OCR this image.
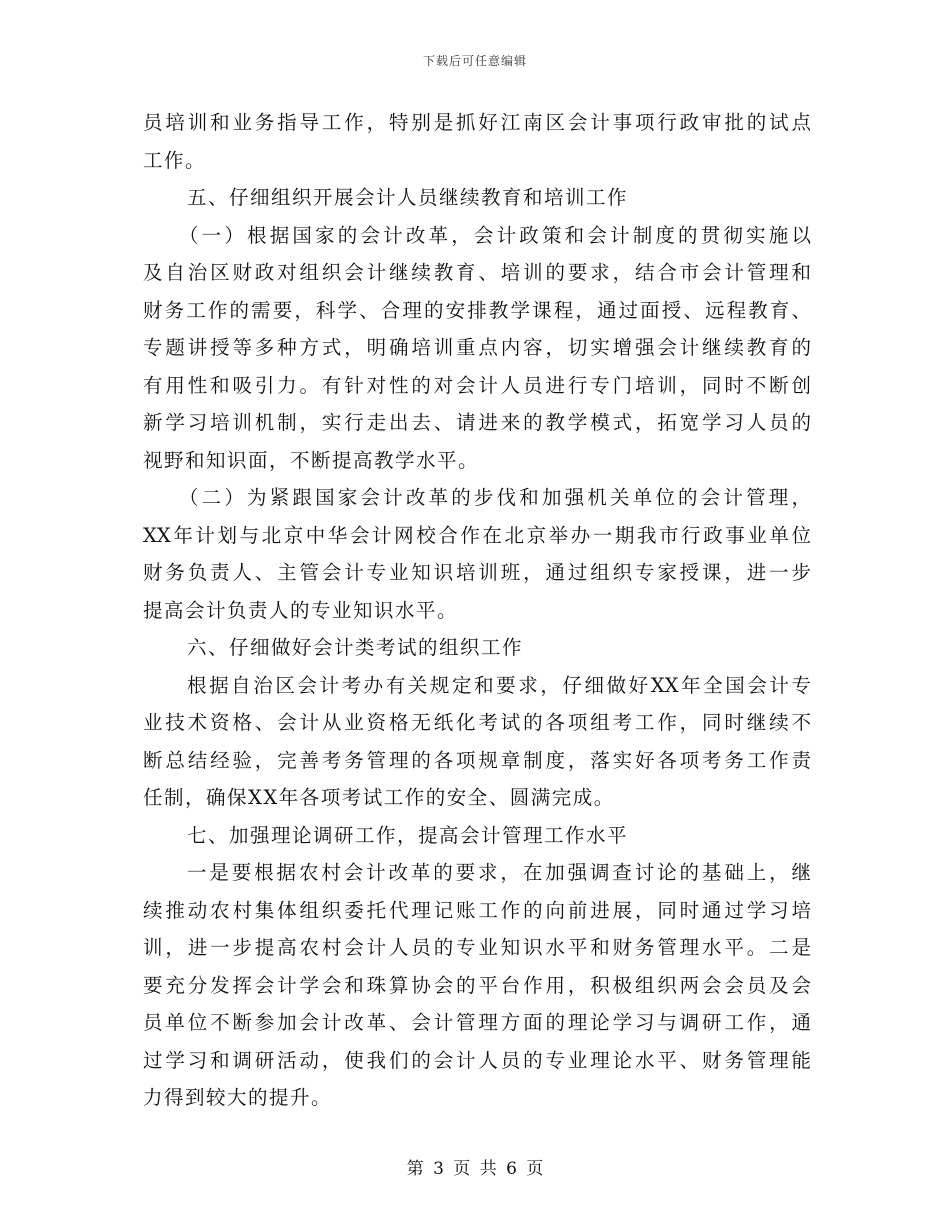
下载后可任意编辑
员培训和业务指导工作，特别是抓好江南区会计事项行政审批的试点
工作。
五、仔细组织开展会计人员继续教育和培训工作
（一）根据国家的会计改革，会计政策和会计制度的贯彻实施以
及自治区财政对组织会计继续教育、培训的要求，结合市会计管理和
财务工作的需要，科学、合理的安排教学课程，通过面授、远程教育、
专题讲授等多种方式，明确培训重点内容，切实增强会计继续教育的
有用性和吸引力。有针对性的对会计人员进行专门培训，同时不断创
新学习培训机制，实行走出去、请进来的教学模式，拓宽学习人员的
视野和知识面，不断提高教学水平。
（二）为紧跟国家会计改革的步伐和加强机关单位的会计管理，
XX年计划与北京中华会计网校合作在北京举办一期我市行政事业单位
财务负责人、主管会计专业知识培训班，通过组织专家授课，进一步
提高会计负责人的专业知识水平。
六、仔细做好会计类考试的组织工作
根据自治区会计考办有关规定和要求，仔细做好XX年全国会计专
业技术资格、会计从业资格无纸化考试的各项组考工作，同时继续不
断总结经验，完善考务管理的各项规章制度，落实好各项考务工作责
任制，确保XX年各项考试工作的安全、圆满完成。
七、加强理论调研工作，提高会计管理工作水平
一是要根据农村会计改革的要求，在加强调查讨论的基础上，继
续推动农村集体组织委托代理记账工作的向前进展，同时通过学习培
训，进一步提高农村会计人员的专业知识水平和财务管理水平。二是
要充分发挥会计学会和珠算协会的平台作用，积极组织两会会员及会
员单位不断参加会计改革、会计管理方面的理论学习与调研工作，通
过学习和调研活动，使我们的会计人员的专业理论水平、财务管理能
力得到较大的提升。
第 3 页 共 6 页
